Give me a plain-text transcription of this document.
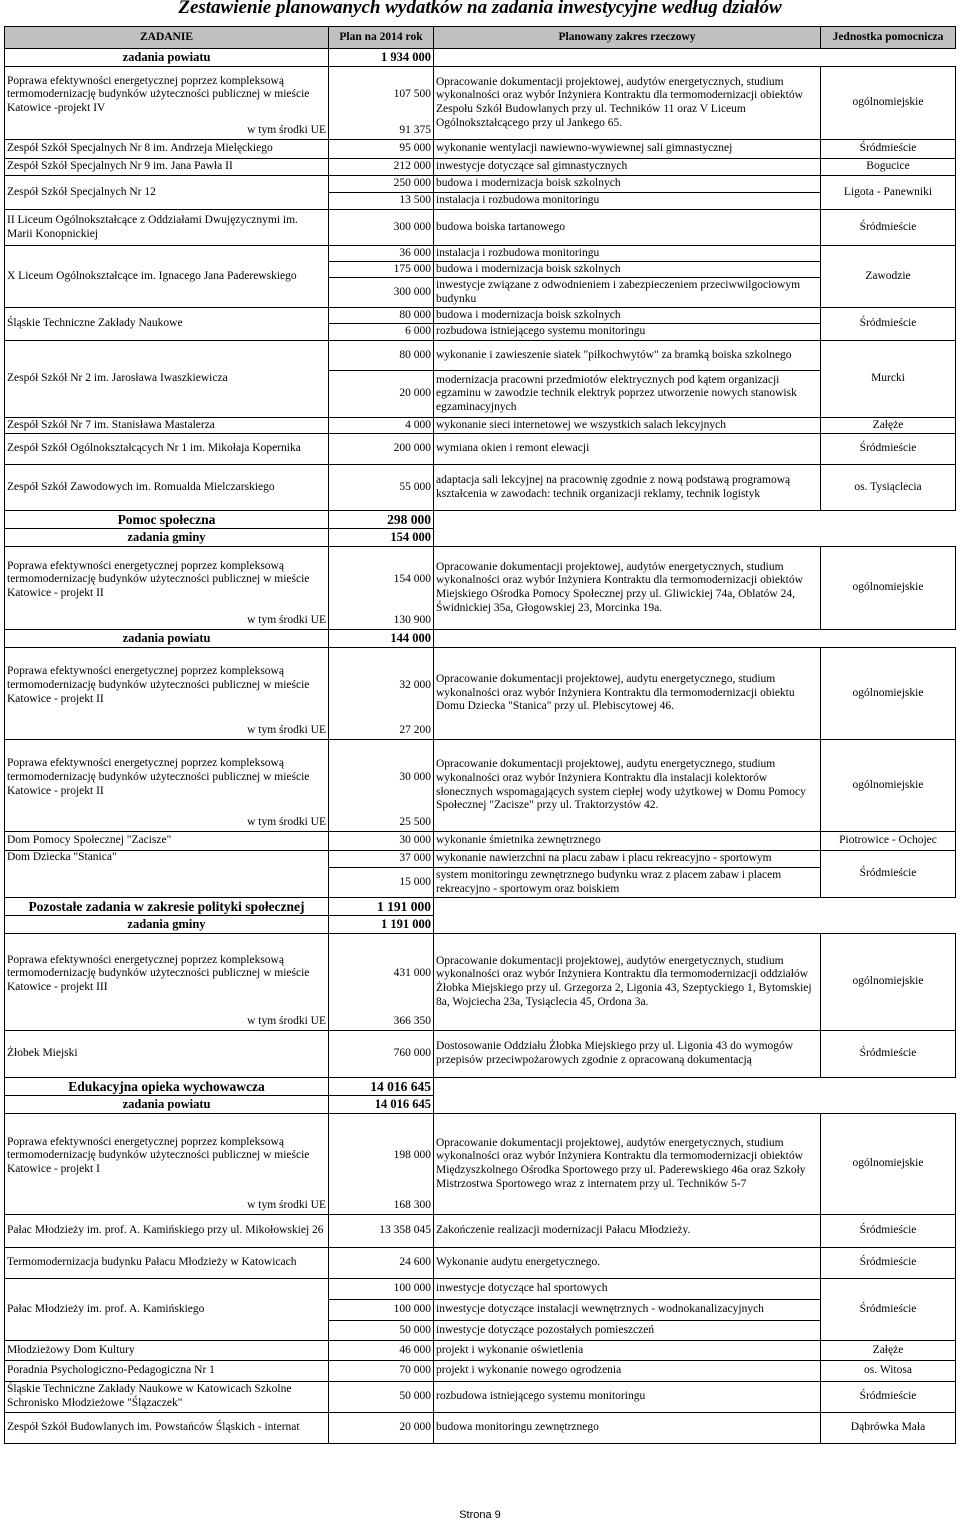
Zestawienie planowanych wydatków na zadania inwestycyjne według działów
ZADANIE	Plan na 2014 rok	Planowany zakres rzeczowy	Jednostka pomocnicza
zadania powiatu	1 934 000		
Poprawa efektywności energetycznej poprzez kompleksową termomodernizację budynków użyteczności publicznej w mieście Katowice -projekt IV	107 500	Opracowanie dokumentacji projektowej, audytów energetycznych, studium wykonalności oraz wybór Inżyniera Kontraktu dla termomodernizacji obiektów Zespołu Szkół Budowlanych przy ul. Techników 11 oraz V Liceum Ogólnokształcącego przy ul Jankego 65.	ogólnomiejskie
w tym środki UE	91 375		
Zespół Szkół Specjalnych Nr 8 im. Andrzeja Mielęckiego	95 000	wykonanie wentylacji nawiewno-wywiewnej sali gimnastycznej	Śródmieście
Zespół Szkół Specjalnych Nr 9 im. Jana Pawła II	212 000	inwestycje dotyczące sal gimnastycznych	Bogucice
Zespół Szkół Specjalnych Nr 12	250 000	budowa i modernizacja boisk szkolnych	Ligota - Panewniki
	13 500	instalacja i rozbudowa monitoringu	
II Liceum Ogólnokształcące z Oddziałami Dwujęzycznymi im. Marii Konopnickiej	300 000	budowa boiska tartanowego	Śródmieście
X Liceum Ogólnokształcące im. Ignacego Jana Paderewskiego	36 000	instalacja i rozbudowa monitoringu	Zawodzie
	175 000	budowa i modernizacja boisk szkolnych	
	300 000	inwestycje związane z odwodnieniem i zabezpieczeniem przeciwwilgociowym budynku	
Śląskie Techniczne Zakłady Naukowe	80 000	budowa i modernizacja boisk szkolnych	Śródmieście
	6 000	rozbudowa istniejącego systemu monitoringu	
Zespół Szkół Nr 2 im. Jarosława Iwaszkiewicza	80 000	wykonanie i zawieszenie siatek "piłkochwytów" za bramką boiska szkolnego	Murcki
	20 000	modernizacja pracowni przedmiotów elektrycznych pod kątem organizacji egzaminu w zawodzie technik elektryk poprzez utworzenie nowych stanowisk egzaminacyjnych	
Zespół Szkół Nr 7 im. Stanisława Mastalerza	4 000	wykonanie sieci internetowej we wszystkich salach lekcyjnych	Załęże
Zespół Szkół Ogólnokształcących Nr 1 im. Mikołaja Kopernika	200 000	wymiana okien i remont elewacji	Śródmieście
Zespół Szkół Zawodowych im. Romualda Mielczarskiego	55 000	adaptacja sali lekcyjnej na pracownię zgodnie z nową podstawą programową kształcenia w zawodach: technik organizacji reklamy, technik logistyk	os. Tysiąclecia
Pomoc społeczna	298 000		
zadania gminy	154 000		
Poprawa efektywności energetycznej poprzez kompleksową termomodernizację budynków użyteczności publicznej w mieście Katowice - projekt II	154 000	Opracowanie dokumentacji projektowej, audytów energetycznych, studium wykonalności oraz wybór Inżyniera Kontraktu dla termomodernizacji obiektów Miejskiego Ośrodka Pomocy Społecznej przy ul. Gliwickiej 74a, Oblatów 24, Świdnickiej 35a, Głogowskiej 23, Morcinka 19a.	ogólnomiejskie
w tym środki UE	130 900		
zadania powiatu	144 000		
Poprawa efektywności energetycznej poprzez kompleksową termomodernizację budynków użyteczności publicznej w mieście Katowice - projekt II	32 000	Opracowanie dokumentacji projektowej, audytu energetycznego, studium wykonalności oraz wybór Inżyniera Kontraktu dla termomodernizacji obiektu Domu Dziecka "Stanica" przy ul. Plebiscytowej 46.	ogólnomiejskie
w tym środki UE	27 200		
Poprawa efektywności energetycznej poprzez kompleksową termomodernizację budynków użyteczności publicznej w mieście Katowice - projekt II	30 000	Opracowanie dokumentacji projektowej, audytu energetycznego, studium wykonalności oraz wybór Inżyniera Kontraktu dla instalacji kolektorów słonecznych wspomagających system ciepłej wody użytkowej w Domu Pomocy Społecznej "Zacisze" przy ul. Traktorzystów 42.	ogólnomiejskie
w tym środki UE	25 500		
Dom Pomocy Społecznej "Zacisze"	30 000	wykonanie śmietnika zewnętrznego	Piotrowice - Ochojec
Dom Dziecka "Stanica"	37 000	wykonanie nawierzchni na placu zabaw i placu rekreacyjno - sportowym	Śródmieście
	15 000	system monitoringu zewnętrznego budynku wraz z placem zabaw i placem rekreacyjno - sportowym oraz boiskiem	
Pozostałe zadania w zakresie polityki społecznej	1 191 000		
zadania gminy	1 191 000		
Poprawa efektywności energetycznej poprzez kompleksową termomodernizację budynków użyteczności publicznej w mieście Katowice - projekt III	431 000	Opracowanie dokumentacji projektowej, audytów energetycznych, studium wykonalności oraz wybór Inżyniera Kontraktu dla termomodernizacji oddziałów Żłobka Miejskiego przy ul. Grzegorza 2, Ligonia 43, Szeptyckiego 1, Bytomskiej 8a, Wojciecha 23a, Tysiąclecia 45, Ordona 3a.	ogólnomiejskie
w tym środki UE	366 350		
Żłobek Miejski	760 000	Dostosowanie Oddziału Żłobka Miejskiego przy ul. Ligonia 43 do wymogów przepisów przeciwpożarowych zgodnie z opracowaną dokumentacją	Śródmieście
Edukacyjna opieka wychowawcza	14 016 645		
zadania powiatu	14 016 645		
Poprawa efektywności energetycznej poprzez kompleksową termomodernizację budynków użyteczności publicznej w mieście Katowice - projekt I	198 000	Opracowanie dokumentacji projektowej, audytów energetycznych, studium wykonalności oraz wybór Inżyniera Kontraktu dla termomodernizacji obiektów Międzyszkolnego Ośrodka Sportowego przy ul. Paderewskiego 46a oraz Szkoły Mistrzostwa Sportowego wraz z internatem przy ul. Techników 5-7	ogólnomiejskie
w tym środki UE	168 300		
Pałac Młodzieży im. prof. A. Kamińskiego przy ul. Mikołowskiej 26	13 358 045	Zakończenie realizacji modernizacji Pałacu Młodzieży.	Śródmieście
Termomodernizacja budynku Pałacu Młodzieży w Katowicach	24 600	Wykonanie audytu energetycznego.	Śródmieście
Pałac Młodzieży im. prof. A. Kamińskiego	100 000	inwestycje dotyczące hal sportowych	Śródmieście
	100 000	inwestycje dotyczące instalacji wewnętrznych - wodnokanalizacyjnych	
	50 000	inwestycje dotyczące pozostałych pomieszczeń	
Młodzieżowy Dom Kultury	46 000	projekt i wykonanie oświetlenia	Załęże
Poradnia Psychologiczno-Pedagogiczna Nr 1	70 000	projekt i wykonanie nowego ogrodzenia	os. Witosa
Śląskie Techniczne Zakłady Naukowe w Katowicach Szkolne Schronisko Młodzieżowe "Ślązaczek"	50 000	rozbudowa istniejącego systemu monitoringu	Śródmieście
Zespół Szkół Budowlanych im. Powstańców Śląskich - internat	20 000	budowa monitoringu zewnętrznego	Dąbrówka Mała
Strona 9
